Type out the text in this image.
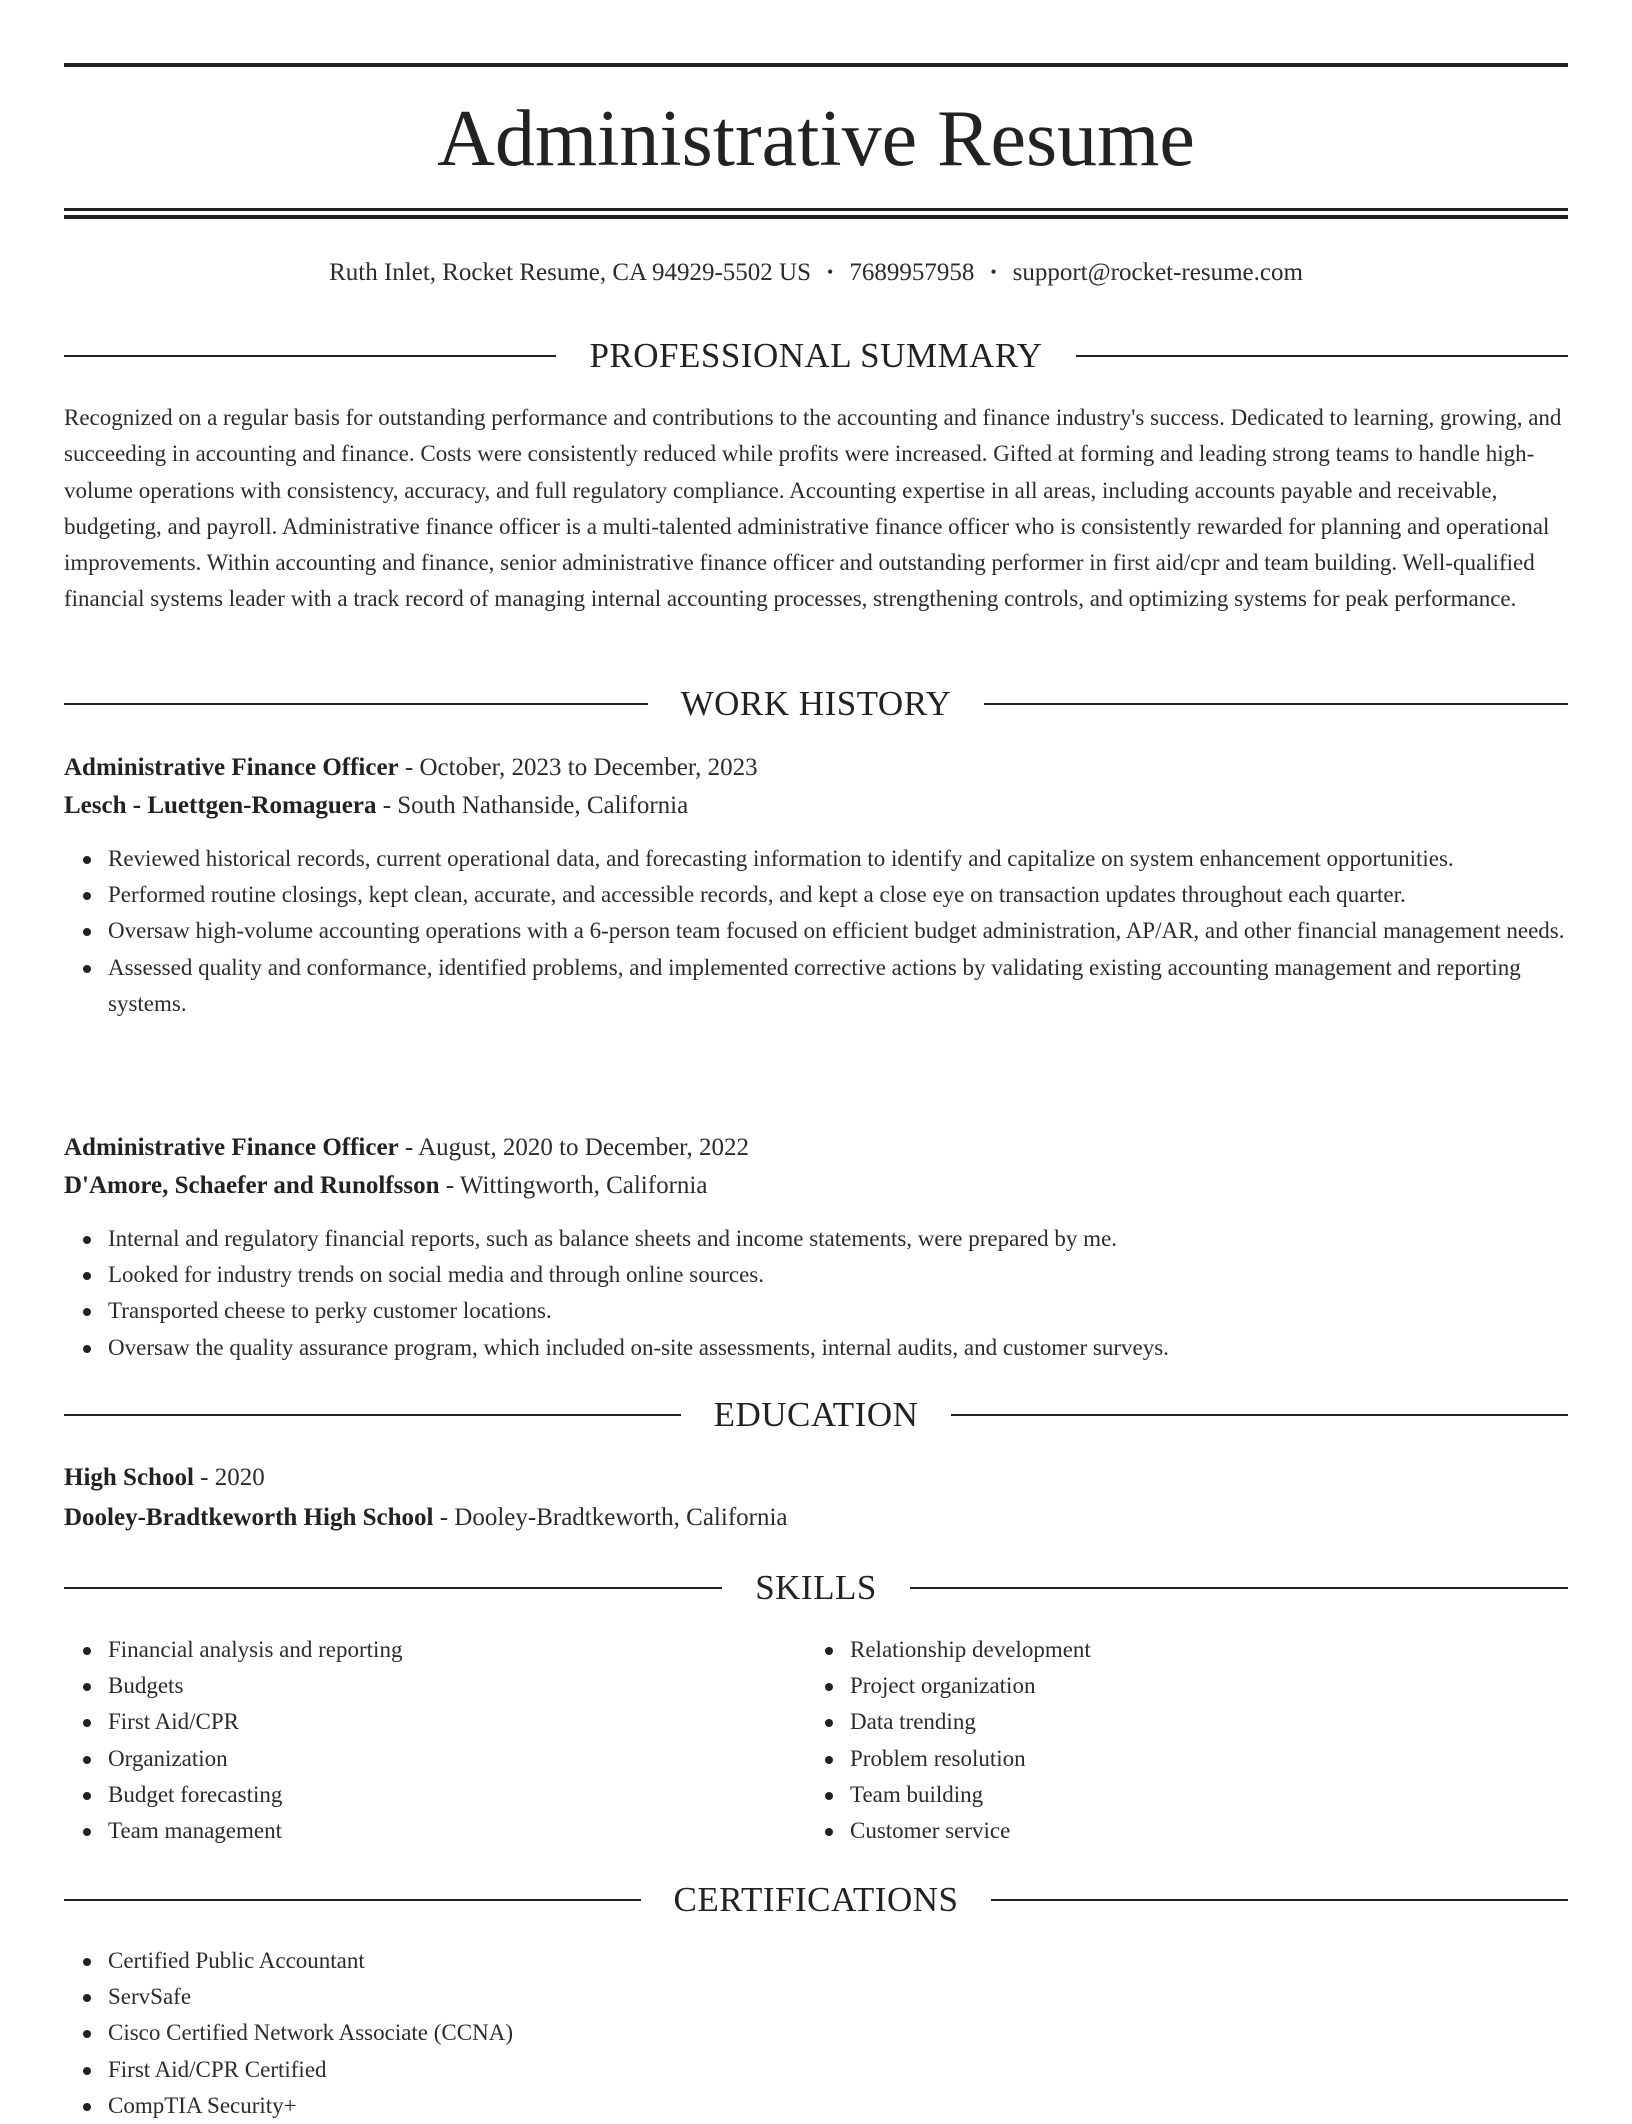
Administrative Resume
Ruth Inlet, Rocket Resume, CA 94929-5502 US • 7689957958 • support@rocket-resume.com
PROFESSIONAL SUMMARY

Recognized on a regular basis for outstanding performance and contributions to the accounting and finance industry's success. Dedicated to learning, growing, and succeeding in accounting and finance. Costs were consistently reduced while profits were increased. Gifted at forming and leading strong teams to handle high-volume operations with consistency, accuracy, and full regulatory compliance. Accounting expertise in all areas, including accounts payable and receivable, budgeting, and payroll. Administrative finance officer is a multi-talented administrative finance officer who is consistently rewarded for planning and operational improvements. Within accounting and finance, senior administrative finance officer and outstanding performer in first aid/cpr and team building. Well-qualified financial systems leader with a track record of managing internal accounting processes, strengthening controls, and optimizing systems for peak performance.

WORK HISTORY
Administrative Finance Officer - October, 2023 to December, 2023
Lesch - Luettgen-Romaguera - South Nathanside, California
Reviewed historical records, current operational data, and forecasting information to identify and capitalize on system enhancement opportunities.
Performed routine closings, kept clean, accurate, and accessible records, and kept a close eye on transaction updates throughout each quarter.
Oversaw high-volume accounting operations with a 6-person team focused on efficient budget administration, AP/AR, and other financial management needs.
Assessed quality and conformance, identified problems, and implemented corrective actions by validating existing accounting management and reporting systems.
Administrative Finance Officer - August, 2020 to December, 2022
D'Amore, Schaefer and Runolfsson - Wittingworth, California
Internal and regulatory financial reports, such as balance sheets and income statements, were prepared by me.
Looked for industry trends on social media and through online sources.
Transported cheese to perky customer locations.
Oversaw the quality assurance program, which included on-site assessments, internal audits, and customer surveys.
EDUCATION
High School - 2020
Dooley-Bradtkeworth High School - Dooley-Bradtkeworth, California
SKILLS
Financial analysis and reporting
Budgets
First Aid/CPR
Organization
Budget forecasting
Team management
Relationship development
Project organization
Data trending
Problem resolution
Team building
Customer service
CERTIFICATIONS
Certified Public Accountant
ServSafe
Cisco Certified Network Associate (CCNA)
First Aid/CPR Certified
CompTIA Security+
